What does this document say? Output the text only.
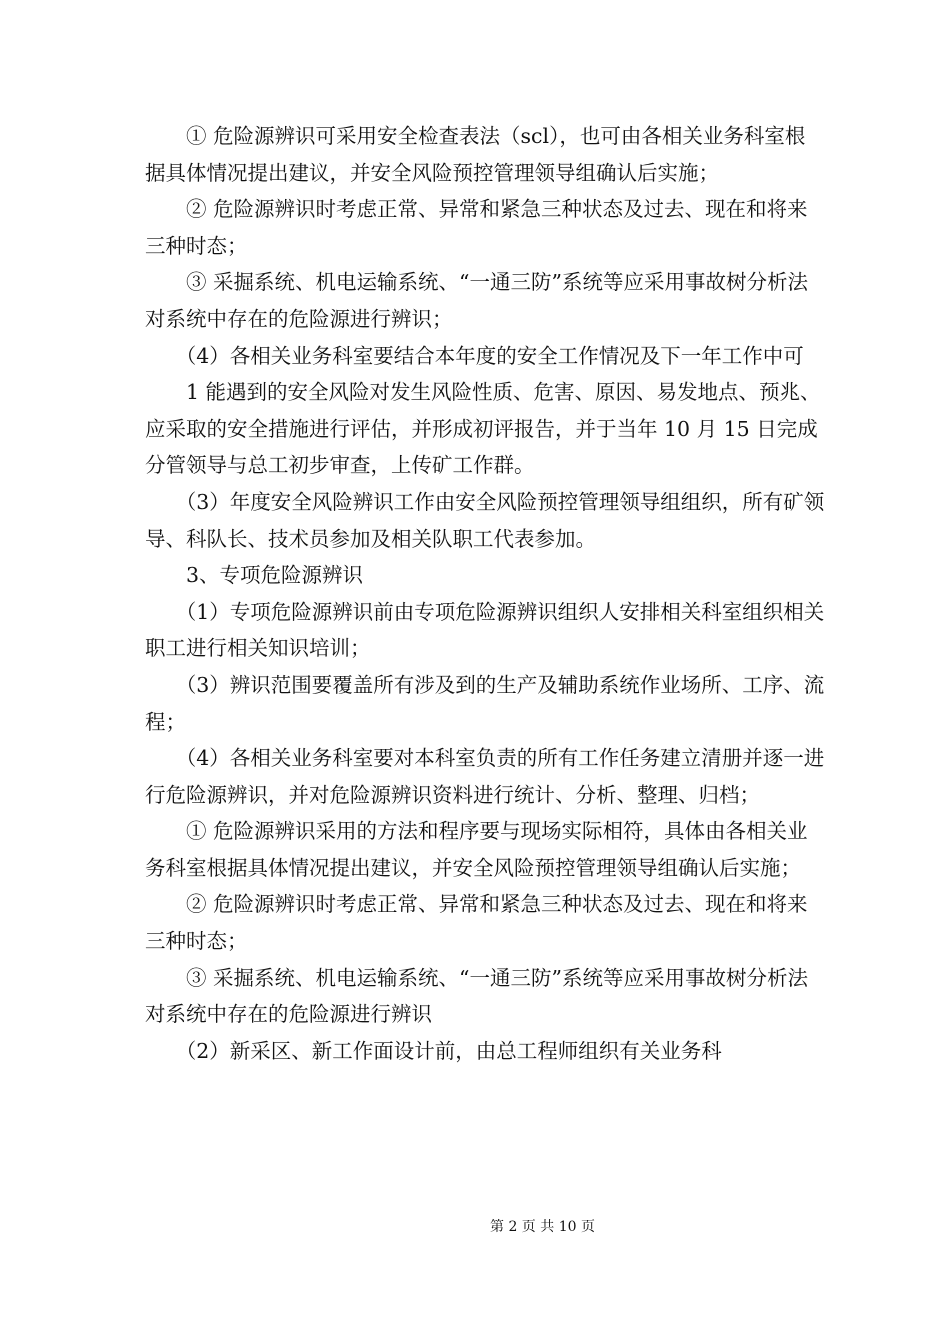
　　① 危险源辨识可采用安全检查表法（scl），也可由各相关业务科室根据具体情况提出建议，并安全风险预控管理领导组确认后实施；

　　② 危险源辨识时考虑正常、异常和紧急三种状态及过去、现在和将来三种时态；

　　③ 采掘系统、机电运输系统、“一通三防”系统等应采用事故树分析法对系统中存在的危险源进行辨识；

　　（4）各相关业务科室要结合本年度的安全工作情况及下一年工作中可

　　1 能遇到的安全风险对发生风险性质、危害、原因、易发地点、预兆、应采取的安全措施进行评估，并形成初评报告，并于当年 10 月 15 日完成分管领导与总工初步审查，上传矿工作群。

　　（3）年度安全风险辨识工作由安全风险预控管理领导组组织，所有矿领导、科队长、技术员参加及相关队职工代表参加。

　　3、专项危险源辨识

　　（1）专项危险源辨识前由专项危险源辨识组织人安排相关科室组织相关职工进行相关知识培训；

　　（3）辨识范围要覆盖所有涉及到的生产及辅助系统作业场所、工序、流程；

　　（4）各相关业务科室要对本科室负责的所有工作任务建立清册并逐一进行危险源辨识，并对危险源辨识资料进行统计、分析、整理、归档；

　　① 危险源辨识采用的方法和程序要与现场实际相符，具体由各相关业务科室根据具体情况提出建议，并安全风险预控管理领导组确认后实施；

　　② 危险源辨识时考虑正常、异常和紧急三种状态及过去、现在和将来三种时态；

　　③ 采掘系统、机电运输系统、“一通三防”系统等应采用事故树分析法对系统中存在的危险源进行辨识

　　（2）新采区、新工作面设计前，由总工程师组织有关业务科

第 2 页 共 10 页
